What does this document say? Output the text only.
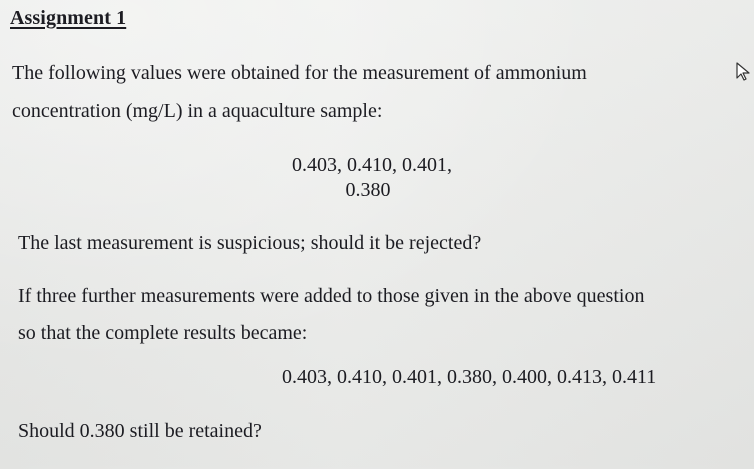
Assignment 1
The following values were obtained for the measurement of ammonium
concentration (mg/L) in a aquaculture sample:
0.403, 0.410, 0.401,
0.380
The last measurement is suspicious; should it be rejected?
If three further measurements were added to those given in the above question
so that the complete results became:
0.403, 0.410, 0.401, 0.380, 0.400, 0.413, 0.411
Should 0.380 still be retained?
